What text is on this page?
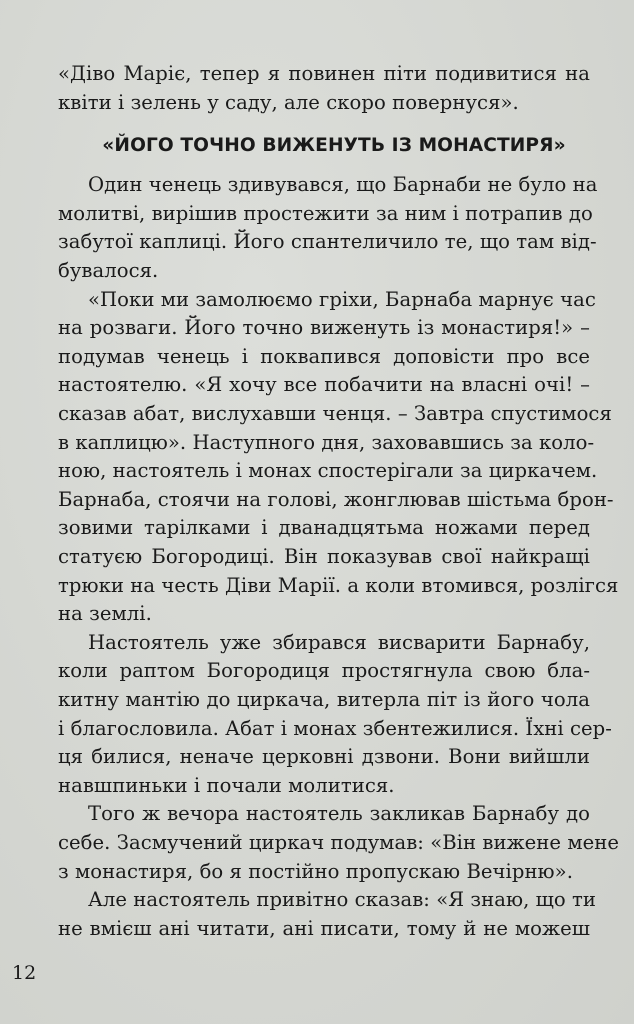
«Діво Маріє, тепер я повинен піти подивитися на
квіти і зелень у саду, але скоро повернуся».
«ЙОГО ТОЧНО ВИЖЕНУТЬ ІЗ МОНАСТИРЯ»
Один ченець здивувався, що Барнаби не було на
молитві, вирішив простежити за ним і потрапив до
забутої каплиці. Його спантеличило те, що там від-
бувалося.
«Поки ми замолюємо гріхи, Барнаба марнує час
на розваги. Його точно виженуть із монастиря!» –
подумав ченець і поквапився доповісти про все
настоятелю. «Я хочу все побачити на власні очі! –
сказав абат, вислухавши ченця. – Завтра спустимося
в каплицю». Наступного дня, заховавшись за коло-
ною, настоятель і монах спостерігали за циркачем.
Барнаба, стоячи на голові, жонглював шістьма брон-
зовими тарілками і дванадцятьма ножами перед
статуєю Богородиці. Він показував свої найкращі
трюки на честь Діви Марії. а коли втомився, розлігся
на землі.
Настоятель уже збирався висварити Барнабу,
коли раптом Богородиця простягнула свою бла-
китну мантію до циркача, витерла піт із його чола
і благословила. Абат і монах збентежилися. Їхні сер-
ця билися, неначе церковні дзвони. Вони вийшли
навшпиньки і почали молитися.
Того ж вечора настоятель закликав Барнабу до
себе. Засмучений циркач подумав: «Він вижене мене
з монастиря, бо я постійно пропускаю Вечірню».
Але настоятель привітно сказав: «Я знаю, що ти
не вмієш ані читати, ані писати, тому й не можеш
12
